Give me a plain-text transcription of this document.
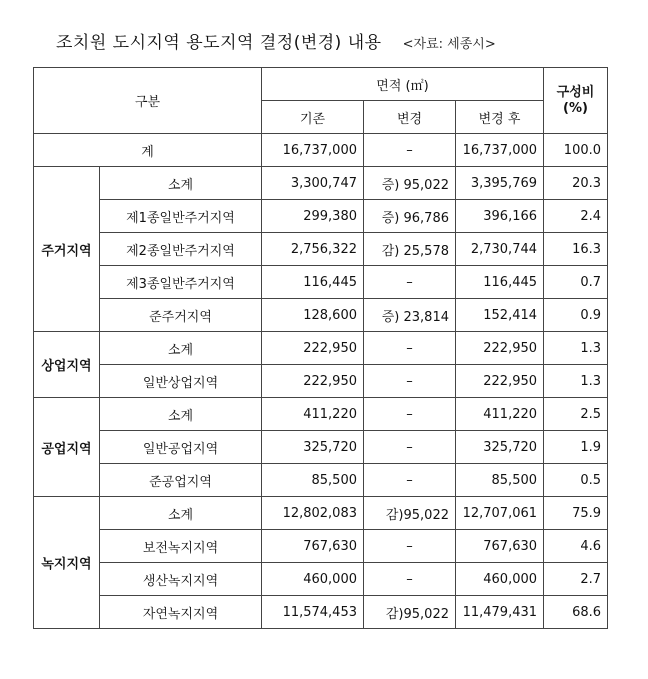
조치원 도시지역 용도지역 결정(변경) 내용 <자료: 세종시>
구분		면적 (㎡)			구성비
(%)
		기존	변경	변경 후	
계		16,737,000	–	16,737,000	100.0
주거지역	소계	3,300,747	증) 95,022	3,395,769	20.3
	제1종일반주거지역	299,380	증) 96,786	396,166	2.4
	제2종일반주거지역	2,756,322	감) 25,578	2,730,744	16.3
	제3종일반주거지역	116,445	–	116,445	0.7
	준주거지역	128,600	증) 23,814	152,414	0.9
상업지역	소계	222,950	–	222,950	1.3
	일반상업지역	222,950	–	222,950	1.3
공업지역	소계	411,220	–	411,220	2.5
	일반공업지역	325,720	–	325,720	1.9
	준공업지역	85,500	–	85,500	0.5
녹지지역	소계	12,802,083	감)95,022	12,707,061	75.9
	보전녹지지역	767,630	–	767,630	4.6
	생산녹지지역	460,000	–	460,000	2.7
	자연녹지지역	11,574,453	감)95,022	11,479,431	68.6
